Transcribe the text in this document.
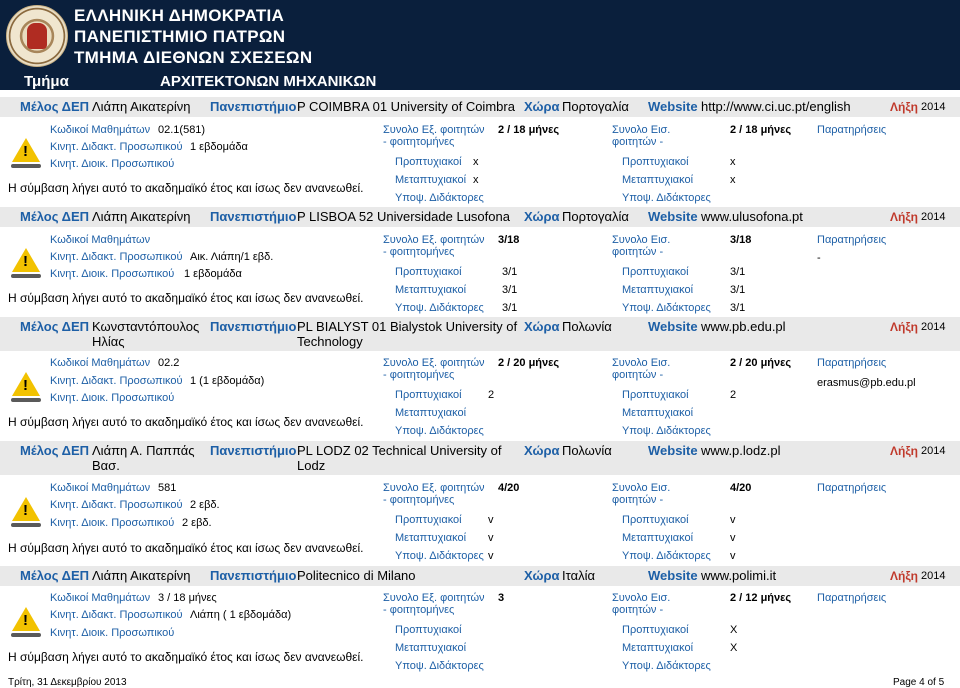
ΕΛΛΗΝΙΚΗ ΔΗΜΟΚΡΑΤΙΑ
ΠΑΝΕΠΙΣΤΗΜΙΟ ΠΑΤΡΩΝ
ΤΜΗΜΑ ΔΙΕΘΝΩΝ ΣΧΕΣΕΩΝ
Τμήμα	ΑΡΧΙΤΕΚΤΟΝΩΝ ΜΗΧΑΝΙΚΩΝ
Μέλος ΔΕΠ Λιάπη Αικατερίνη Πανεπιστήμιο P COIMBRA 01 University of Coimbra Χώρα Πορτογαλία Website http://www.ci.uc.pt/english	Λήξη 2014
Κωδικοί Μαθημάτων 02.1(581)
Κινητ. Διδακτ. Προσωπικού 1 εβδομάδα
Κινητ. Διοικ. Προσωπικού
!
Η σύμβαση λήγει αυτό το ακαδημαϊκό έτος και ίσως δεν ανανεωθεί.
Συνολο Εξ. φοιτητών
- φοιτητομήνες
2 / 18 μήνες
Προπτυχιακοί x
Μεταπτυχιακοί x
Υποψ. Διδάκτορες
Συνολο Εισ.
φοιτητών -
2 / 18 μήνες
Προπτυχιακοί	x
Μεταπτυχιακοί	x
Υποψ. Διδάκτορες
Παρατηρήσεις
Μέλος ΔΕΠ Λιάπη Αικατερίνη Πανεπιστήμιο P LISBOA 52 Universidade Lusofona Χώρα Πορτογαλία Website www.ulusofona.pt	Λήξη 2014
Κωδικοί Μαθημάτων
Κινητ. Διδακτ. Προσωπικού Αικ. Λιάπη/1 εβδ.
Κινητ. Διοικ. Προσωπικού 1 εβδομάδα
!
Η σύμβαση λήγει αυτό το ακαδημαϊκό έτος και ίσως δεν ανανεωθεί.
Συνολο Εξ. φοιτητών
- φοιτητομήνες
3/18
Προπτυχιακοί	3/1
Μεταπτυχιακοί	3/1
Υποψ. Διδάκτορες 3/1
Συνολο Εισ.
φοιτητών -
3/18
Προπτυχιακοί	3/1
Μεταπτυχιακοί	3/1
Υποψ. Διδάκτορες 3/1
Παρατηρήσεις
-
Μέλος ΔΕΠ Κωνσταντόπουλος
Ηλίας
Πανεπιστήμιο PL BIALYST 01 Bialystok University of
Technology
Χώρα Πολωνία	Website www.pb.edu.pl	Λήξη 2014
Κωδικοί Μαθημάτων 02.2
Κινητ. Διδακτ. Προσωπικού 1 (1 εβδομάδα)
Κινητ. Διοικ. Προσωπικού
!
Η σύμβαση λήγει αυτό το ακαδημαϊκό έτος και ίσως δεν ανανεωθεί.
Συνολο Εξ. φοιτητών
- φοιτητομήνες
2 / 20 μήνες
Προπτυχιακοί 2
Μεταπτυχιακοί
Υποψ. Διδάκτορες
Συνολο Εισ.
φοιτητών -
2 / 20 μήνες
Προπτυχιακοί	2
Μεταπτυχιακοί
Υποψ. Διδάκτορες
Παρατηρήσεις
erasmus@pb.edu.pl
Μέλος ΔΕΠ Λιάπη Α. Παππάς
Βασ.
Πανεπιστήμιο PL LODZ 02 Technical University of
Lodz
Χώρα Πολωνία	Website www.p.lodz.pl	Λήξη 2014
Κωδικοί Μαθημάτων 581
Κινητ. Διδακτ. Προσωπικού 2 εβδ.
Κινητ. Διοικ. Προσωπικού 2 εβδ.
!
Η σύμβαση λήγει αυτό το ακαδημαϊκό έτος και ίσως δεν ανανεωθεί.
Συνολο Εξ. φοιτητών
- φοιτητομήνες
4/20
Προπτυχιακοί v
Μεταπτυχιακοί v
Υποψ. Διδάκτορες v
Συνολο Εισ.
φοιτητών -
4/20
Προπτυχιακοί	v
Μεταπτυχιακοί	v
Υποψ. Διδάκτορες v
Παρατηρήσεις
Μέλος ΔΕΠ Λιάπη Αικατερίνη Πανεπιστήμιο Politecnico di Milano	Χώρα Ιταλία	Website www.polimi.it	Λήξη 2014
Κωδικοί Μαθημάτων 3 / 18 μήνες
Κινητ. Διδακτ. Προσωπικού Λιάπη ( 1 εβδομάδα)
Κινητ. Διοικ. Προσωπικού
!
Η σύμβαση λήγει αυτό το ακαδημαϊκό έτος και ίσως δεν ανανεωθεί.
Συνολο Εξ. φοιτητών
- φοιτητομήνες
3
Προπτυχιακοί
Μεταπτυχιακοί
Υποψ. Διδάκτορες
Συνολο Εισ.
φοιτητών -
2 / 12 μήνες
Προπτυχιακοί	X
Μεταπτυχιακοί	X
Υποψ. Διδάκτορες
Παρατηρήσεις
Τρίτη, 31 Δεκεμβρίου 2013	Page 4 of 5
